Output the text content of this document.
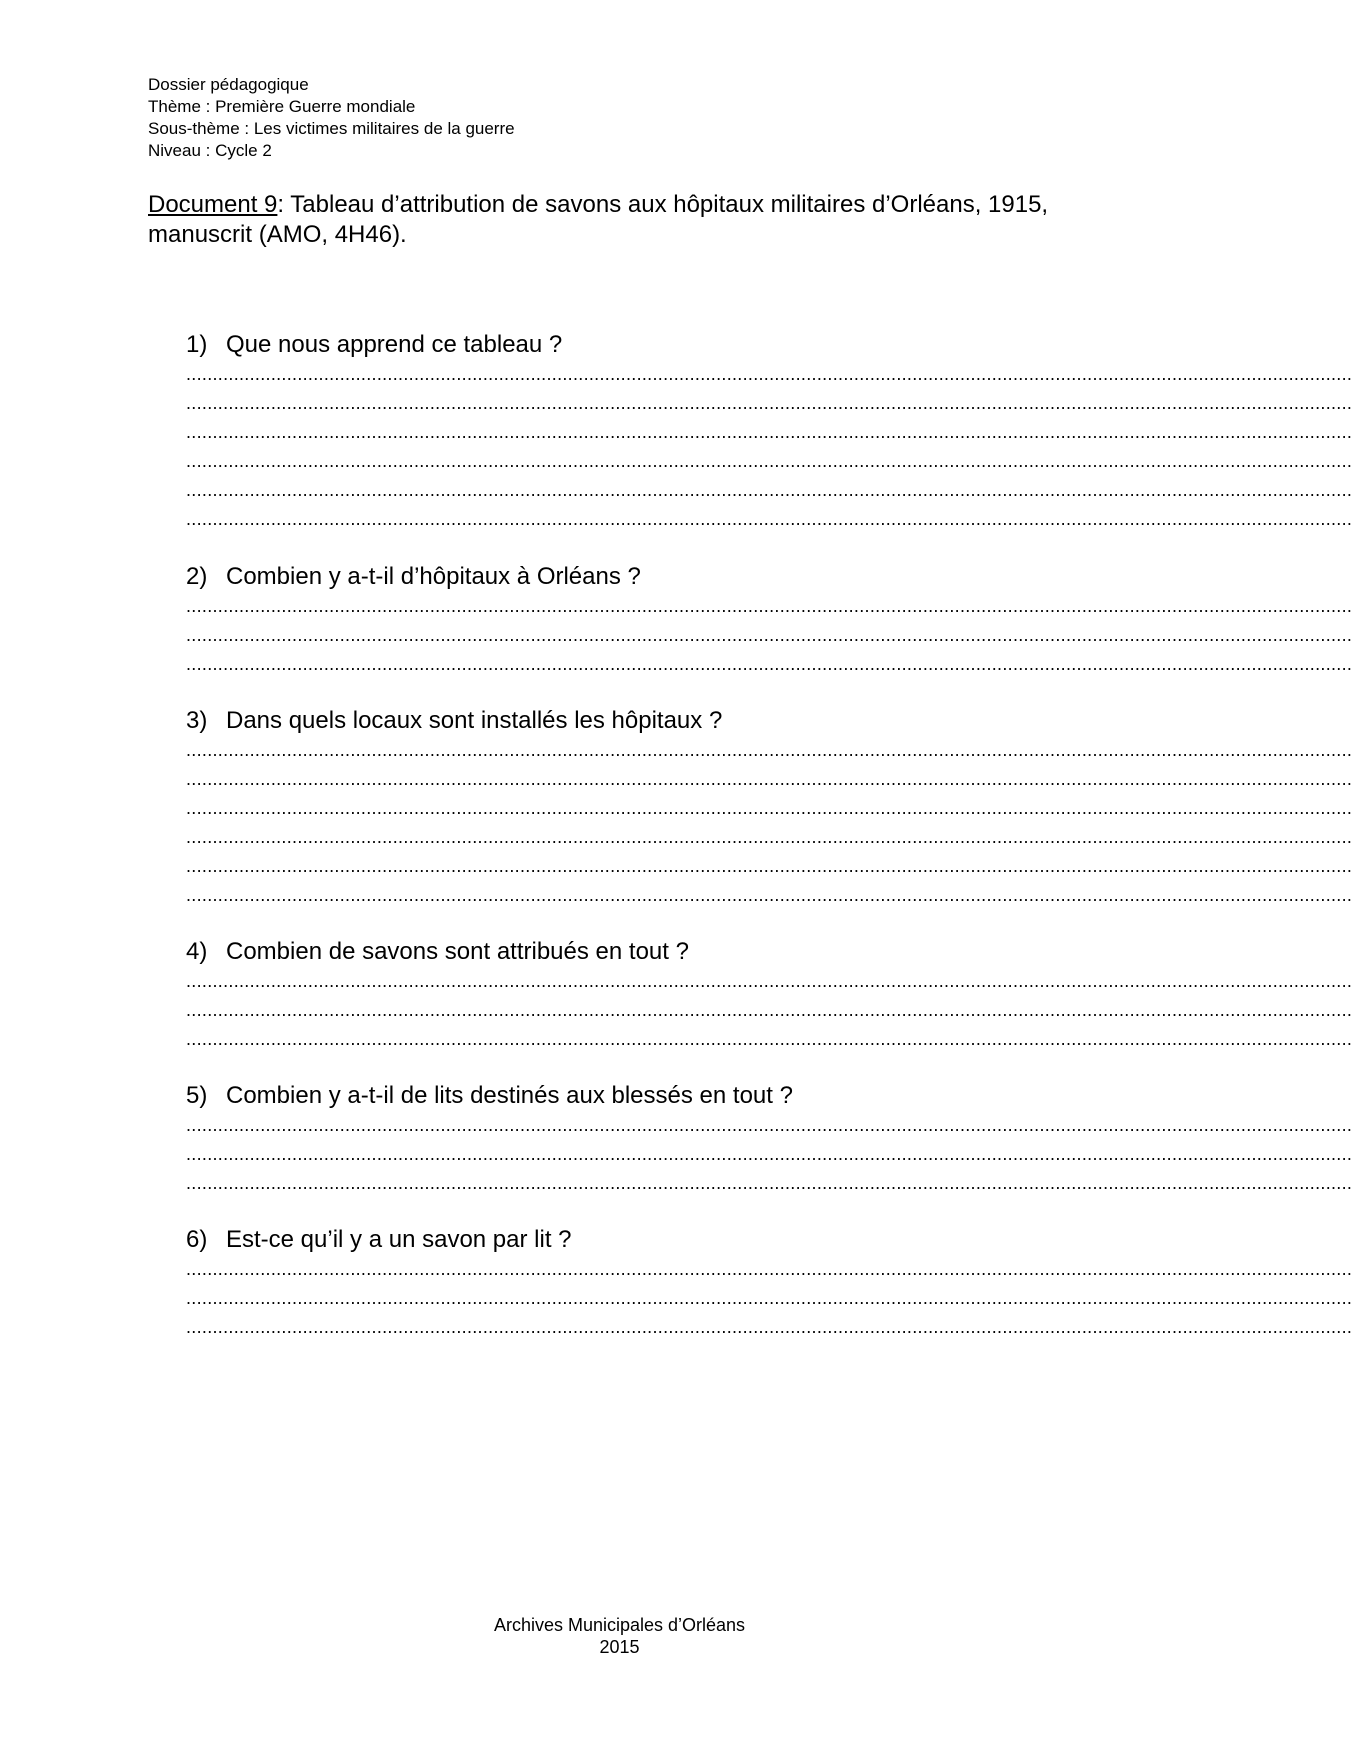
Dossier pédagogique
Thème : Première Guerre mondiale
Sous-thème : Les victimes militaires de la guerre
Niveau : Cycle 2
Document 9: Tableau d’attribution de savons aux hôpitaux militaires d’Orléans, 1915, manuscrit (AMO, 4H46).
1) Que nous apprend ce tableau ?
............................................................................................................................................................................................................................
............................................................................................................................................................................................................................
............................................................................................................................................................................................................................
............................................................................................................................................................................................................................
............................................................................................................................................................................................................................
............................................................................................................................................................................................................................
2) Combien y a-t-il d’hôpitaux à Orléans ?
............................................................................................................................................................................................................................
............................................................................................................................................................................................................................
............................................................................................................................................................................................................................
3) Dans quels locaux sont installés les hôpitaux ?
............................................................................................................................................................................................................................
............................................................................................................................................................................................................................
............................................................................................................................................................................................................................
............................................................................................................................................................................................................................
............................................................................................................................................................................................................................
............................................................................................................................................................................................................................
4) Combien de savons sont attribués en tout ?
............................................................................................................................................................................................................................
............................................................................................................................................................................................................................
............................................................................................................................................................................................................................
5) Combien y a-t-il de lits destinés aux blessés en tout ?
............................................................................................................................................................................................................................
............................................................................................................................................................................................................................
............................................................................................................................................................................................................................
6) Est-ce qu’il y a un savon par lit ?
............................................................................................................................................................................................................................
............................................................................................................................................................................................................................
............................................................................................................................................................................................................................
Archives Municipales d’Orléans
2015
